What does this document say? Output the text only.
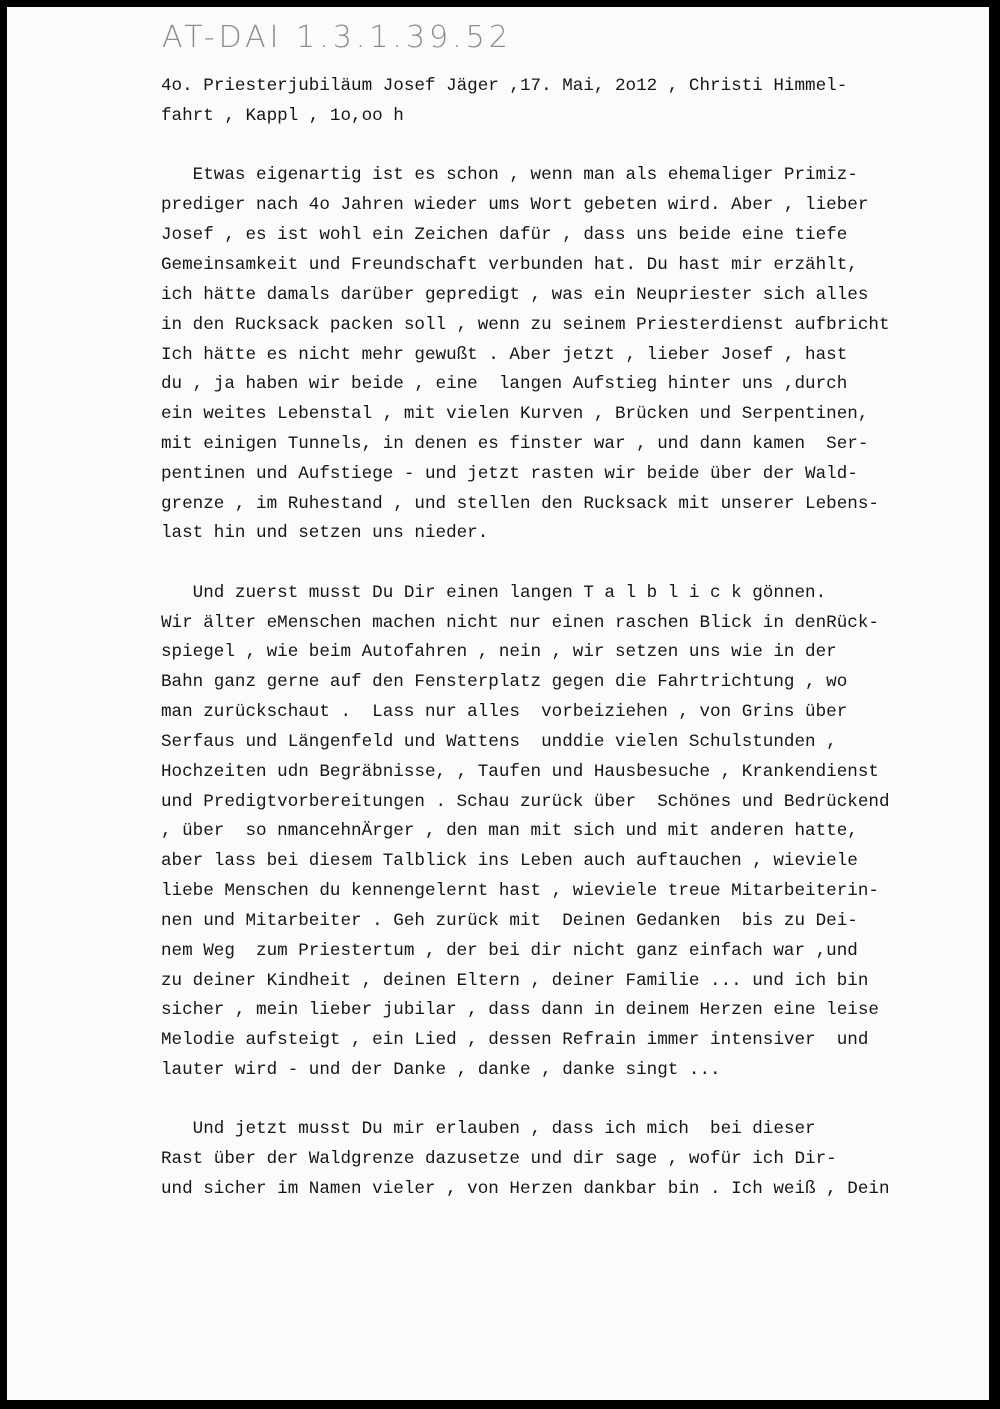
AT-DAI 1.3.1.39.52
4o. Priesterjubiläum Josef Jäger ,17. Mai, 2o12 , Christi Himmel-
fahrt , Kappl , 1o,oo h
Etwas eigenartig ist es schon , wenn man als ehemaliger Primiz-
prediger nach 4o Jahren wieder ums Wort gebeten wird. Aber , lieber
Josef , es ist wohl ein Zeichen dafür , dass uns beide eine tiefe
Gemeinsamkeit und Freundschaft verbunden hat. Du hast mir erzählt,
ich hätte damals darüber gepredigt , was ein Neupriester sich alles
in den Rucksack packen soll , wenn zu seinem Priesterdienst aufbricht
Ich hätte es nicht mehr gewußt . Aber jetzt , lieber Josef , hast
du , ja haben wir beide , eine  langen Aufstieg hinter uns ,durch
ein weites Lebenstal , mit vielen Kurven , Brücken und Serpentinen,
mit einigen Tunnels, in denen es finster war , und dann kamen  Ser-
pentinen und Aufstiege - und jetzt rasten wir beide über der Wald-
grenze , im Ruhestand , und stellen den Rucksack mit unserer Lebens-
last hin und setzen uns nieder.
Und zuerst musst Du Dir einen langen T a l b l i c k gönnen.
Wir älter eMenschen machen nicht nur einen raschen Blick in denRück-
spiegel , wie beim Autofahren , nein , wir setzen uns wie in der
Bahn ganz gerne auf den Fensterplatz gegen die Fahrtrichtung , wo
man zurückschaut .  Lass nur alles  vorbeiziehen , von Grins über
Serfaus und Längenfeld und Wattens  unddie vielen Schulstunden ,
Hochzeiten udn Begräbnisse, , Taufen und Hausbesuche , Krankendienst
und Predigtvorbereitungen . Schau zurück über  Schönes und Bedrückend
, über  so nmancehnÄrger , den man mit sich und mit anderen hatte,
aber lass bei diesem Talblick ins Leben auch auftauchen , wieviele
liebe Menschen du kennengelernt hast , wieviele treue Mitarbeiterin-
nen und Mitarbeiter . Geh zurück mit  Deinen Gedanken  bis zu Dei-
nem Weg  zum Priestertum , der bei dir nicht ganz einfach war ,und
zu deiner Kindheit , deinen Eltern , deiner Familie ... und ich bin
sicher , mein lieber jubilar , dass dann in deinem Herzen eine leise
Melodie aufsteigt , ein Lied , dessen Refrain immer intensiver  und
lauter wird - und der Danke , danke , danke singt ...
Und jetzt musst Du mir erlauben , dass ich mich  bei dieser
Rast über der Waldgrenze dazusetze und dir sage , wofür ich Dir-
und sicher im Namen vieler , von Herzen dankbar bin . Ich weiß , Dein
